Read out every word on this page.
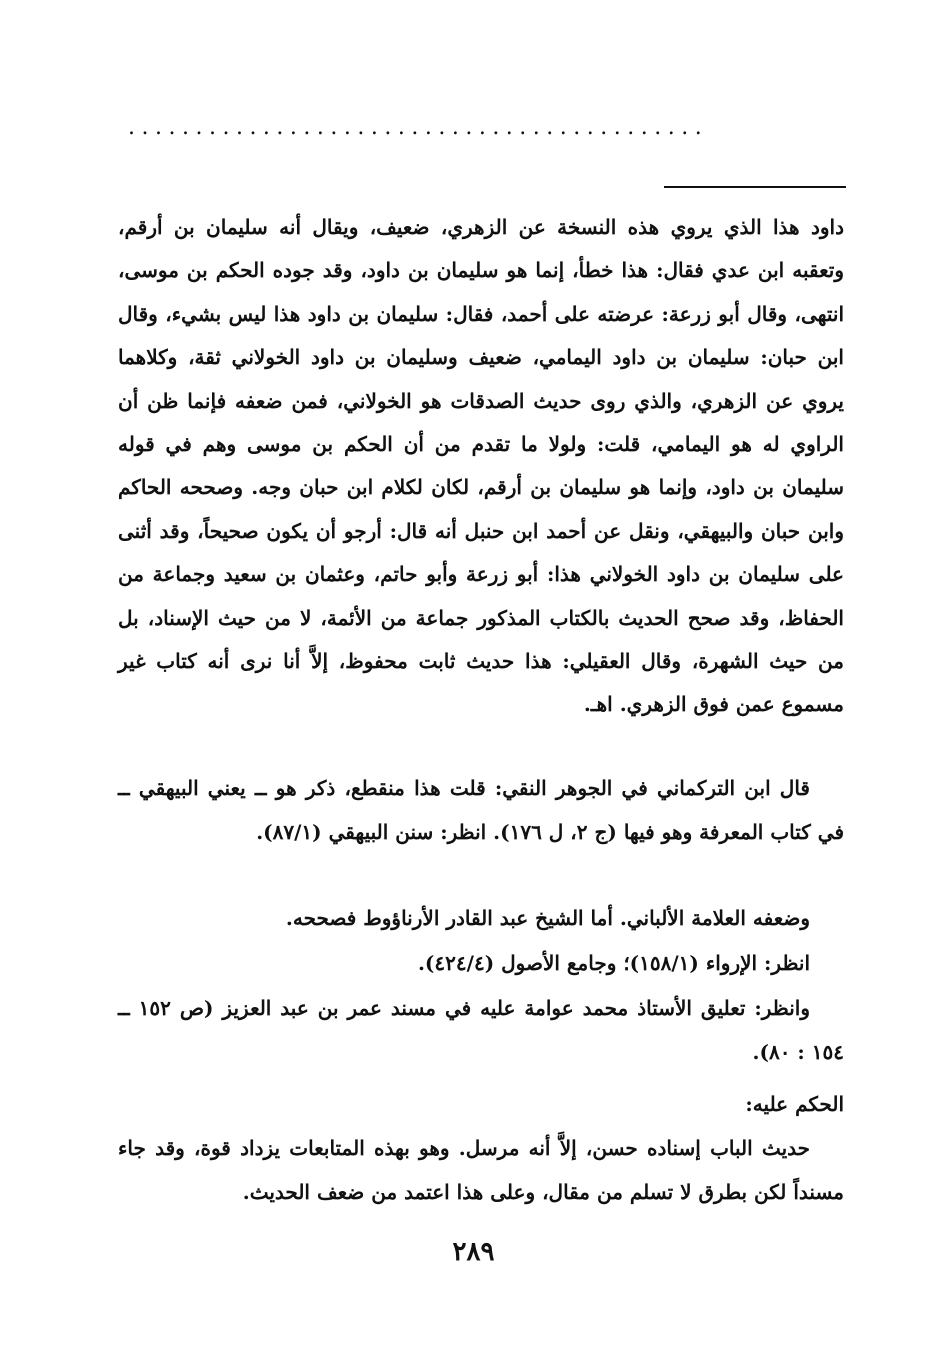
...........................................

داود هذا الذي يروي هذه النسخة عن الزهري، ضعيف، ويقال أنه سليمان بن أرقم، وتعقبه ابن عدي فقال: هذا خطأ، إنما هو سليمان بن داود، وقد جوده الحكم بن موسى، انتهى، وقال أبو زرعة: عرضته على أحمد، فقال: سليمان بن داود هذا ليس بشيء، وقال ابن حبان: سليمان بن داود اليمامي، ضعيف وسليمان بن داود الخولاني ثقة، وكلاهما يروي عن الزهري، والذي روى حديث الصدقات هو الخولاني، فمن ضعفه فإنما ظن أن الراوي له هو اليمامي، قلت: ولولا ما تقدم من أن الحكم بن موسى وهم في قوله سليمان بن داود، وإنما هو سليمان بن أرقم، لكان لكلام ابن حبان وجه. وصححه الحاكم وابن حبان والبيهقي، ونقل عن أحمد ابن حنبل أنه قال: أرجو أن يكون صحيحاً، وقد أثنى على سليمان بن داود الخولاني هذا: أبو زرعة وأبو حاتم، وعثمان بن سعيد وجماعة من الحفاظ، وقد صحح الحديث بالكتاب المذكور جماعة من الأئمة، لا من حيث الإسناد، بل من حيث الشهرة، وقال العقيلي: هذا حديث ثابت محفوظ، إلاَّ أنا نرى أنه كتاب غير مسموع عمن فوق الزهري. اهـ.

قال ابن التركماني في الجوهر النقي: قلت هذا منقطع، ذكر هو ــ يعني البيهقي ــ في كتاب المعرفة وهو فيها (ج ٢، ل ١٧٦). انظر: سنن البيهقي (٨٧/١).

وضعفه العلامة الألباني. أما الشيخ عبد القادر الأرناؤوط فصححه.

انظر: الإرواء (١٥٨/١)؛ وجامع الأصول (٤٢٤/٤).

وانظر: تعليق الأستاذ محمد عوامة عليه في مسند عمر بن عبد العزيز (ص ١٥٢ ــ ١٥٤ : ٨٠).

الحكم عليه:

حديث الباب إسناده حسن، إلاَّ أنه مرسل. وهو بهذه المتابعات يزداد قوة، وقد جاء مسنداً لكن بطرق لا تسلم من مقال، وعلى هذا اعتمد من ضعف الحديث.

٢٨٩
